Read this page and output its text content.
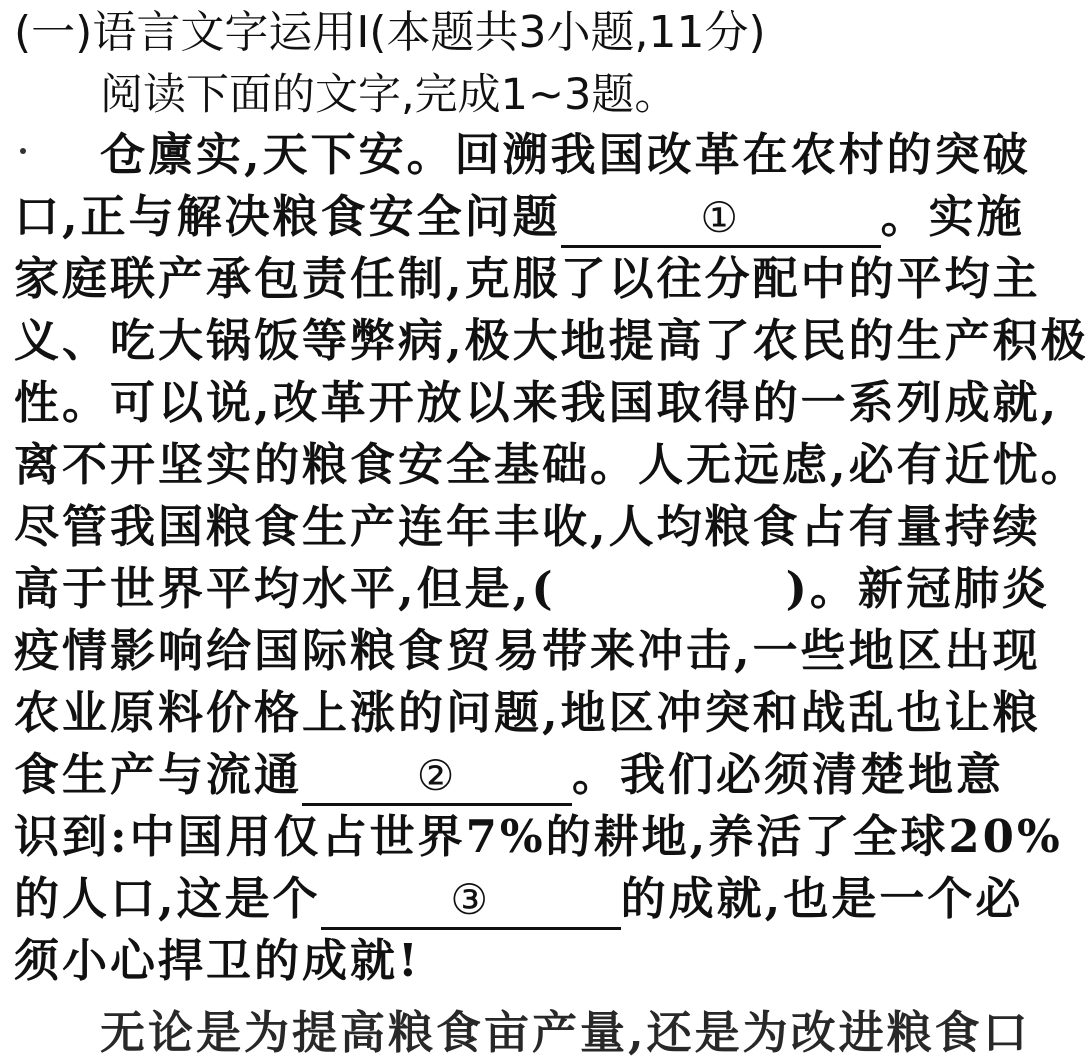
(一)语言文字运用Ⅰ(本题共3小题,11分)
阅读下面的文字,完成1~3题。
仓廪实,天下安。回溯我国改革在农村的突破
口,正与解决粮食安全问题	①	。实施
家庭联产承包责任制,克服了以往分配中的平均主
义、吃大锅饭等弊病,极大地提高了农民的生产积极
性。可以说,改革开放以来我国取得的一系列成就,
离不开坚实的粮食安全基础。人无远虑,必有近忧。
尽管我国粮食生产连年丰收,人均粮食占有量持续
高于世界平均水平,但是,(	)。新冠肺炎
疫情影响给国际粮食贸易带来冲击,一些地区出现
农业原料价格上涨的问题,地区冲突和战乱也让粮
食生产与流通	②	。我们必须清楚地意
识到:中国用仅占世界7%的耕地,养活了全球20%
的人口,这是个	③	的成就,也是一个必
须小心捍卫的成就!
无论是为提高粮食亩产量,还是为改进粮食口
